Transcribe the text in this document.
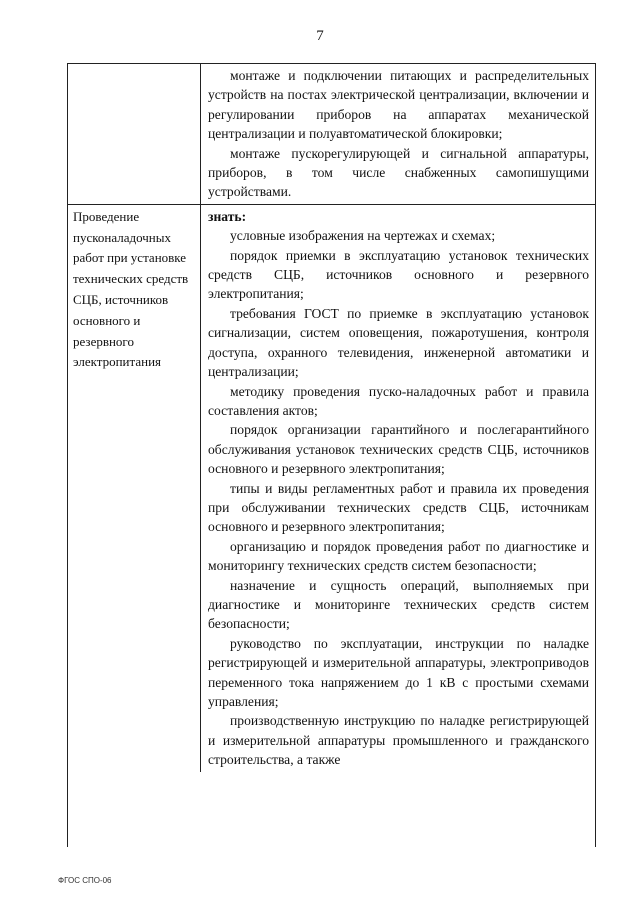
7

монтаже и подключении питающих и распределительных устройств на постах электрической централизации, включении и регулировании приборов на аппаратах механической централизации и полуавтоматической блокировки;

монтаже пускорегулирующей и сигнальной аппаратуры, приборов, в том числе снабженных самопишущими устройствами.

Проведение пусконаладочных работ при установке технических средств СЦБ, источников основного и резервного электропитания

знать:

условные изображения на чертежах и схемах;

порядок приемки в эксплуатацию установок технических средств СЦБ, источников основного и резервного электропитания;

требования ГОСТ по приемке в эксплуатацию установок сигнализации, систем оповещения, пожаротушения, контроля доступа, охранного телевидения, инженерной автоматики и централизации;

методику проведения пуско-наладочных работ и правила составления актов;

порядок организации гарантийного и послегарантийного обслуживания установок технических средств СЦБ, источников основного и резервного электропитания;

типы и виды регламентных работ и правила их проведения при обслуживании технических средств СЦБ, источникам основного и резервного электропитания;

организацию и порядок проведения работ по диагностике и мониторингу технических средств систем безопасности;

назначение и сущность операций, выполняемых при диагностике и мониторинге технических средств систем безопасности;

руководство по эксплуатации, инструкции по наладке регистрирующей и измерительной аппаратуры, электроприводов переменного тока напряжением до 1 кВ с простыми схемами управления;

производственную инструкцию по наладке регистрирующей и измерительной аппаратуры промышленного и гражданского строительства, а также

ФГОС СПО-06
